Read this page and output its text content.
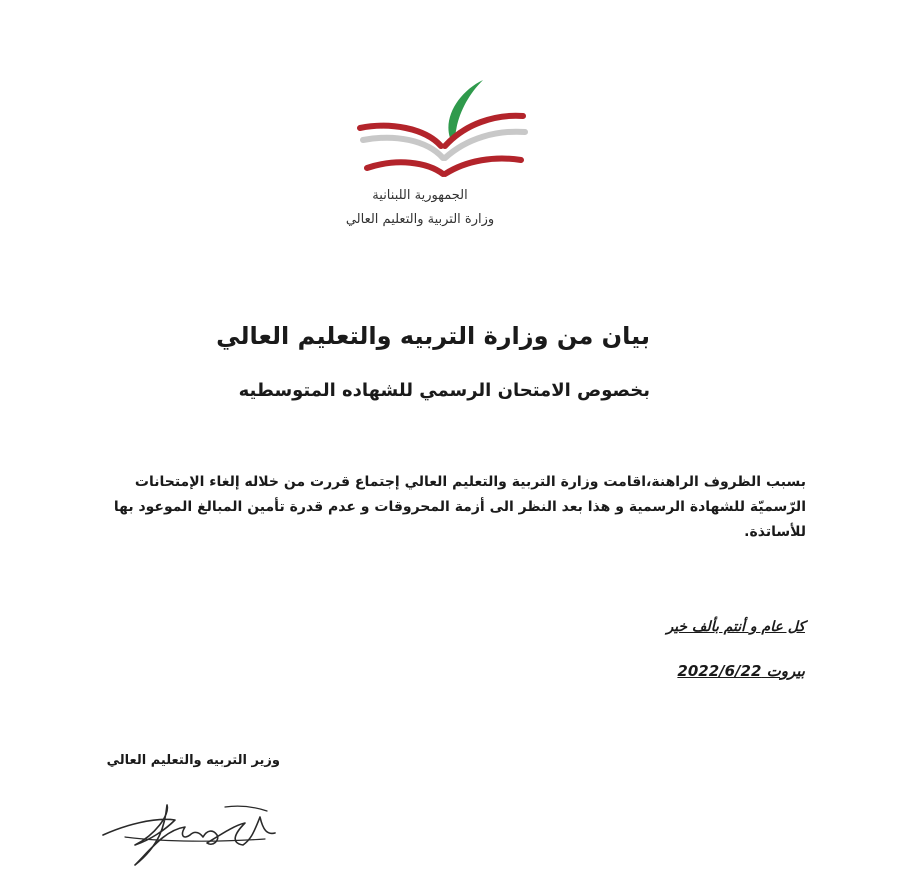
الجمهورية اللبنانية
وزارة التربية والتعليم العالي
بيان من وزارة التربيه والتعليم العالي
بخصوص الامتحان الرسمي للشهاده المتوسطيه
بسبب الظروف الراهنة،اقامت وزارة التربية والتعليم العالي إجتماع قررت من خلاله إلغاء الإمتحانات الرّسميّة للشهادة الرسمية و هذا بعد النظر الى أزمة المحروقات و عدم قدرة تأمين المبالغ الموعود بها للأساتذة.
كل عام و أنتم بألف خير
بيروت 2022/6/22
وزير التربيه والتعليم العالي
